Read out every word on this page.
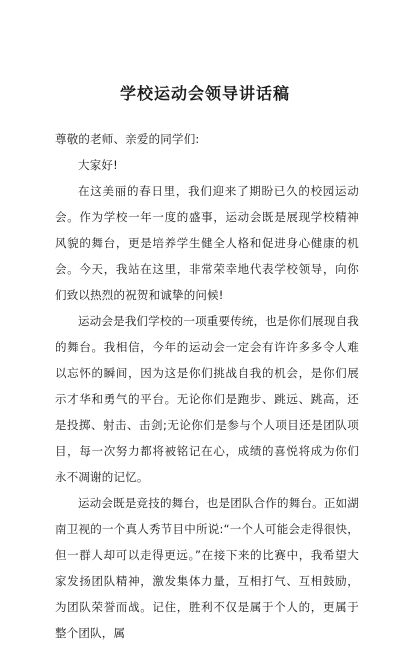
学校运动会领导讲话稿

尊敬的老师、亲爱的同学们:

大家好!

在这美丽的春日里，我们迎来了期盼已久的校园运动会。作为学校一年一度的盛事，运动会既是展现学校精神风貌的舞台，更是培养学生健全人格和促进身心健康的机会。今天，我站在这里，非常荣幸地代表学校领导，向你们致以热烈的祝贺和诚挚的问候!

运动会是我们学校的一项重要传统，也是你们展现自我的舞台。我相信，今年的运动会一定会有许许多多令人难以忘怀的瞬间，因为这是你们挑战自我的机会，是你们展示才华和勇气的平台。无论你们是跑步、跳远、跳高，还是投掷、射击、击剑;无论你们是参与个人项目还是团队项目，每一次努力都将被铭记在心，成绩的喜悦将成为你们永不凋谢的记忆。

运动会既是竞技的舞台，也是团队合作的舞台。正如湖南卫视的一个真人秀节目中所说:“一个人可能会走得很快，但一群人却可以走得更远。”在接下来的比赛中，我希望大家发扬团队精神，激发集体力量，互相打气、互相鼓励，为团队荣誉而战。记住，胜利不仅是属于个人的，更属于整个团队，属
